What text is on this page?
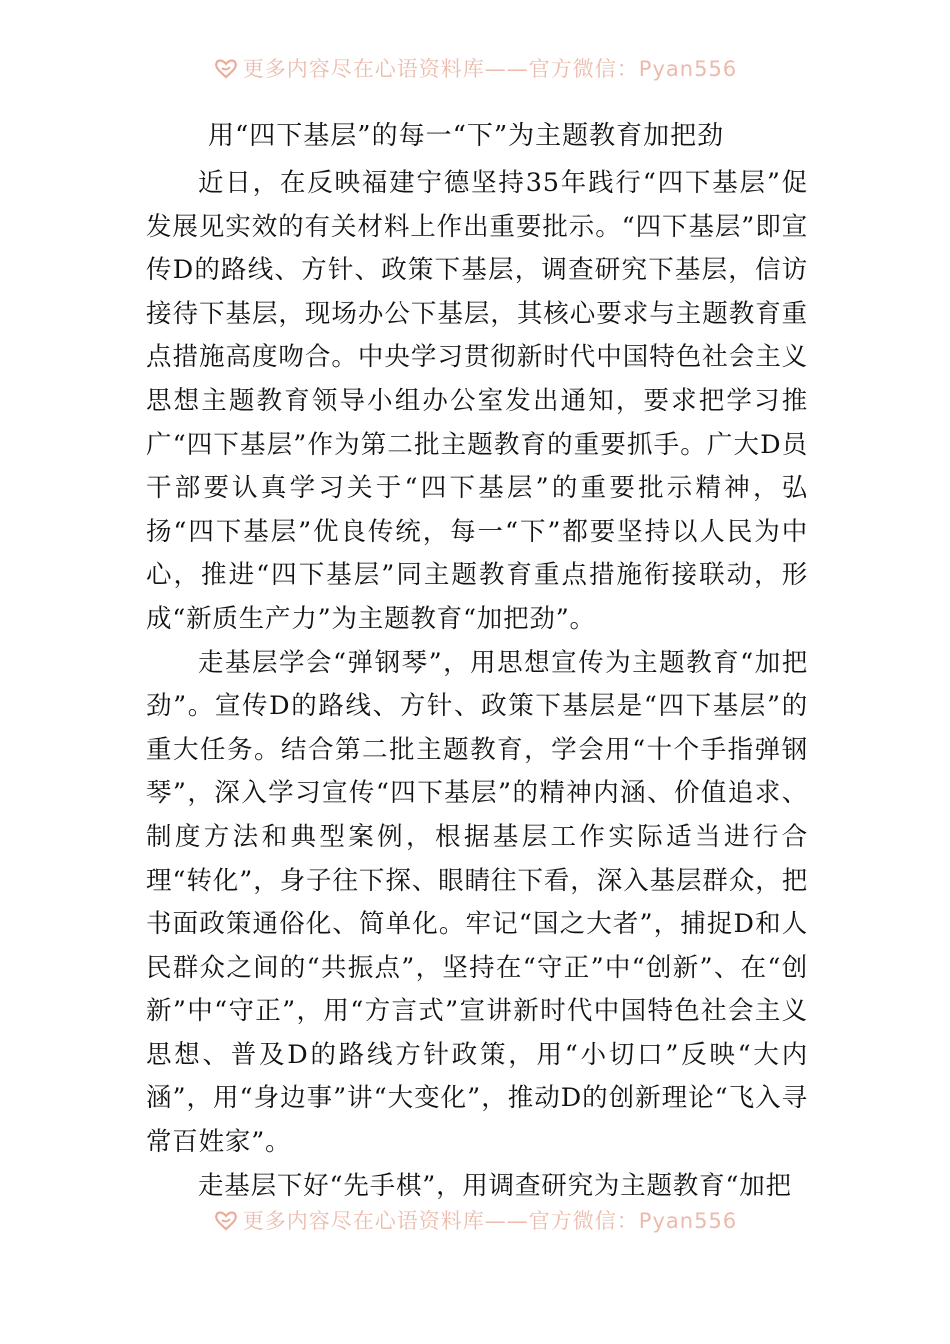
更多内容尽在心语资料库——官方微信：Pyan556
用“四下基层”的每一“下”为主题教育加把劲

近日，在反映福建宁德坚持35年践行“四下基层”促发展见实效的有关材料上作出重要批示。“四下基层”即宣传D的路线、方针、政策下基层，调查研究下基层，信访接待下基层，现场办公下基层，其核心要求与主题教育重点措施高度吻合。中央学习贯彻新时代中国特色社会主义思想主题教育领导小组办公室发出通知，要求把学习推广“四下基层”作为第二批主题教育的重要抓手。广大D员干部要认真学习关于“四下基层”的重要批示精神，弘扬“四下基层”优良传统，每一“下”都要坚持以人民为中心，推进“四下基层”同主题教育重点措施衔接联动，形成“新质生产力”为主题教育“加把劲”。

走基层学会“弹钢琴”，用思想宣传为主题教育“加把劲”。宣传D的路线、方针、政策下基层是“四下基层”的重大任务。结合第二批主题教育，学会用“十个手指弹钢琴”，深入学习宣传“四下基层”的精神内涵、价值追求、制度方法和典型案例，根据基层工作实际适当进行合理“转化”，身子往下探、眼睛往下看，深入基层群众，把书面政策通俗化、简单化。牢记“国之大者”，捕捉D和人民群众之间的“共振点”，坚持在“守正”中“创新”、在“创新”中“守正”，用“方言式”宣讲新时代中国特色社会主义思想、普及D的路线方针政策，用“小切口”反映“大内涵”，用“身边事”讲“大变化”，推动D的创新理论“飞入寻常百姓家”。

走基层下好“先手棋”，用调查研究为主题教育“加把

更多内容尽在心语资料库——官方微信：Pyan556
